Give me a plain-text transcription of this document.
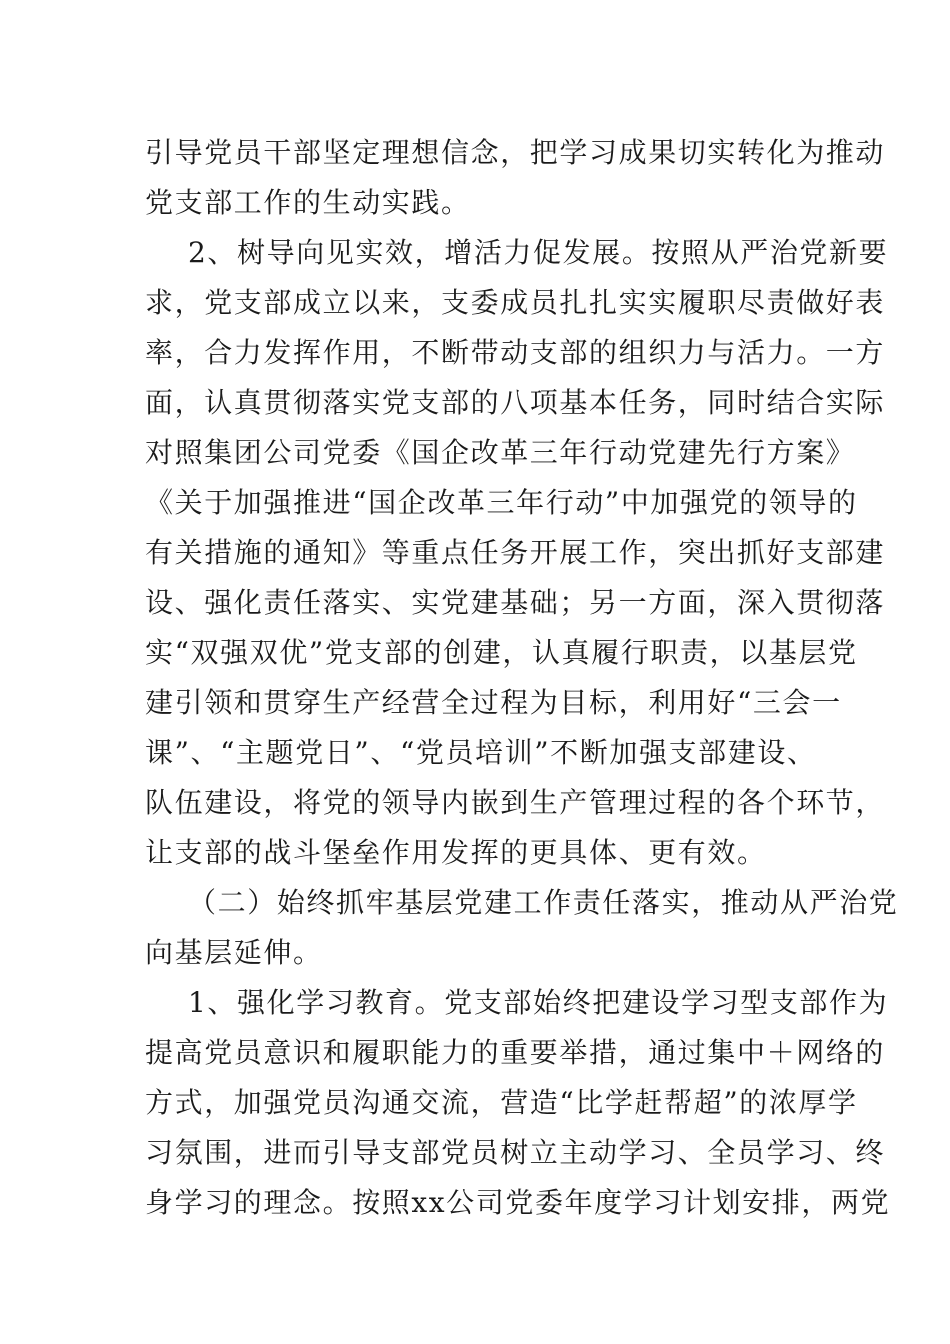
引导党员干部坚定理想信念，把学习成果切实转化为推动
党支部工作的生动实践。
2、树导向见实效，增活力促发展。按照从严治党新要
求，党支部成立以来，支委成员扎扎实实履职尽责做好表
率，合力发挥作用，不断带动支部的组织力与活力。一方
面，认真贯彻落实党支部的八项基本任务，同时结合实际
对照集团公司党委《国企改革三年行动党建先行方案》
《关于加强推进“国企改革三年行动”中加强党的领导的
有关措施的通知》等重点任务开展工作，突出抓好支部建
设、强化责任落实、实党建基础；另一方面，深入贯彻落
实“双强双优”党支部的创建，认真履行职责，以基层党
建引领和贯穿生产经营全过程为目标，利用好“三会一
课”、“主题党日”、“党员培训”不断加强支部建设、
队伍建设，将党的领导内嵌到生产管理过程的各个环节，
让支部的战斗堡垒作用发挥的更具体、更有效。
（二）始终抓牢基层党建工作责任落实，推动从严治党
向基层延伸。
1、强化学习教育。党支部始终把建设学习型支部作为
提高党员意识和履职能力的重要举措，通过集中＋网络的
方式，加强党员沟通交流，营造“比学赶帮超”的浓厚学
习氛围，进而引导支部党员树立主动学习、全员学习、终
身学习的理念。按照xx公司党委年度学习计划安排，两党
